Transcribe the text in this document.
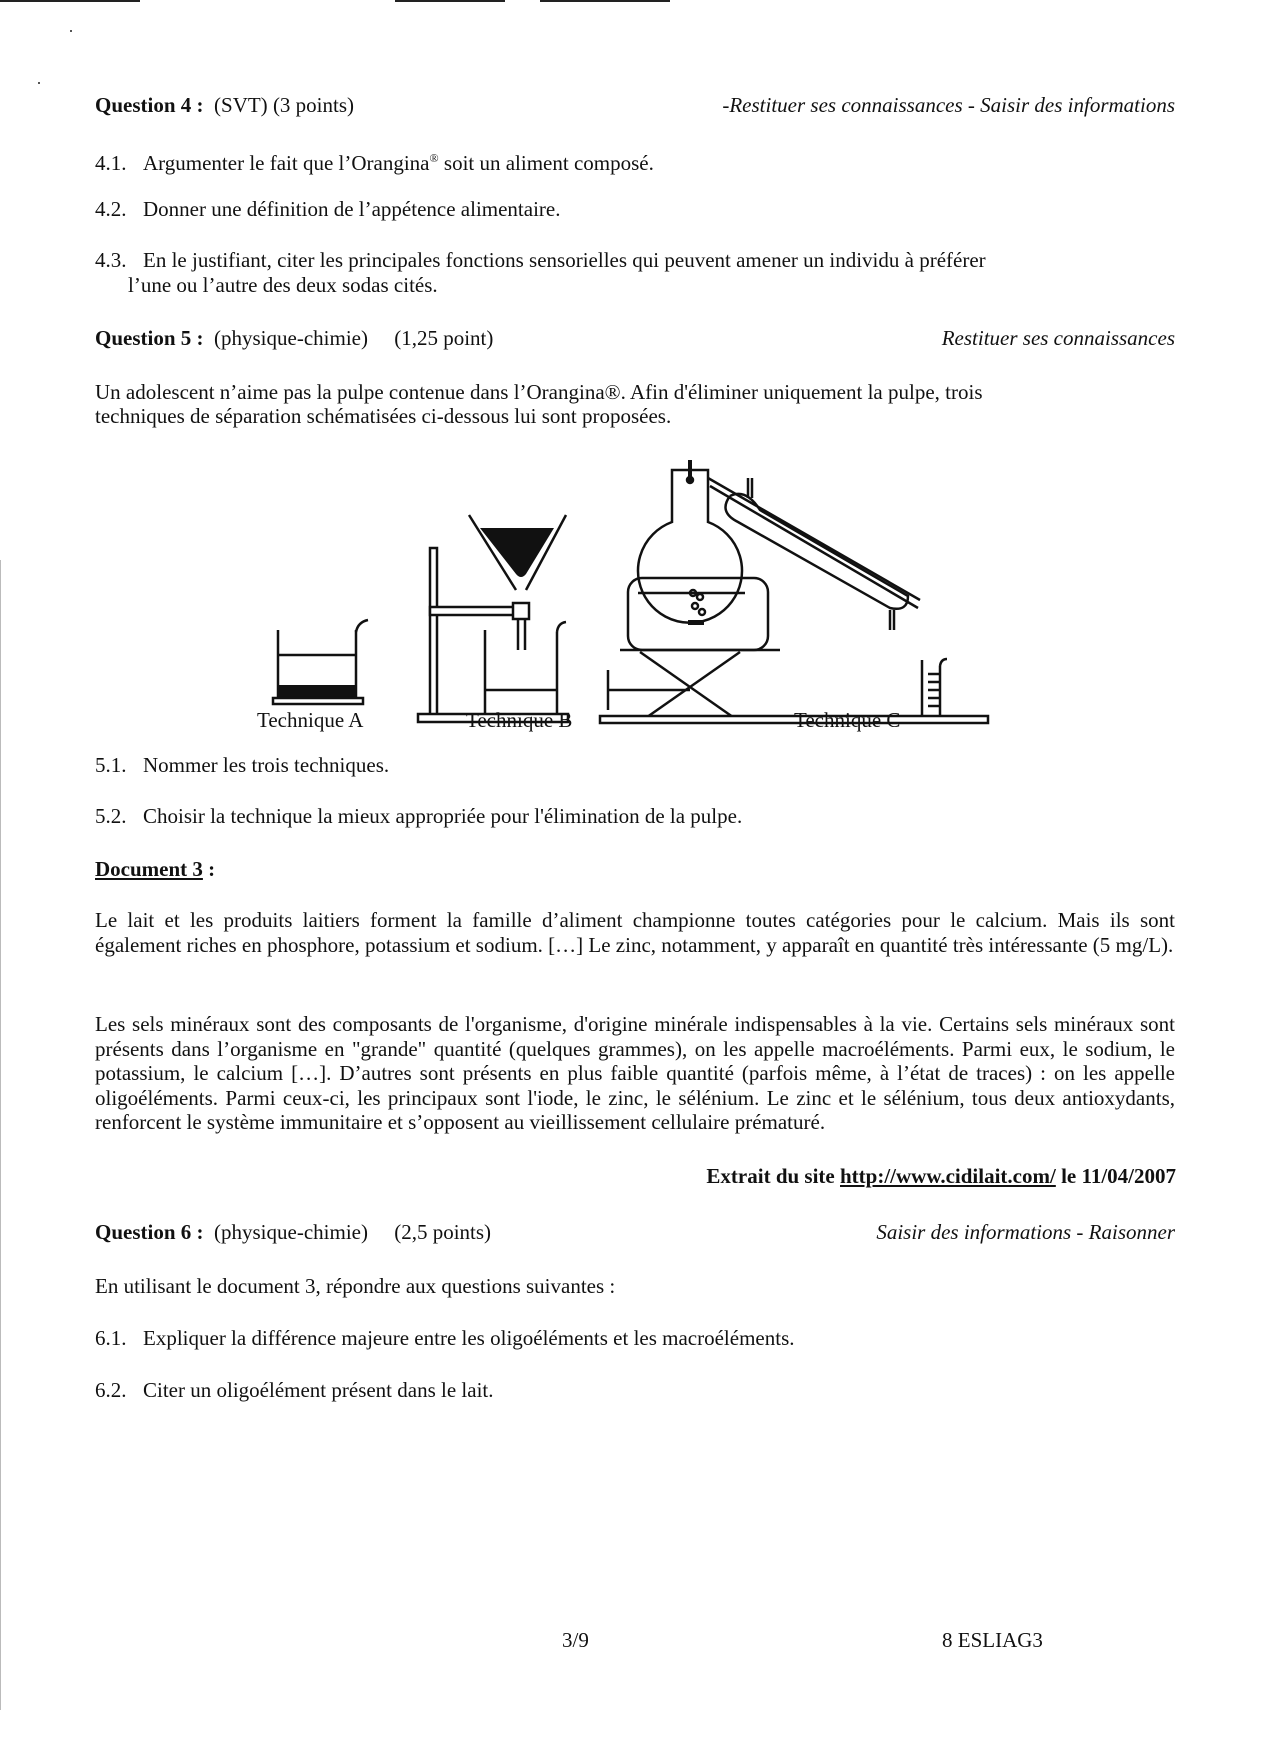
Question 4 : (SVT) (3 points)	-Restituer ses connaissances - Saisir des informations
4.1. Argumenter le fait que l’Orangina® soit un aliment composé.
4.2. Donner une définition de l’appétence alimentaire.
4.3. En le justifiant, citer les principales fonctions sensorielles qui peuvent amener un individu à préférer
l’une ou l’autre des deux sodas cités.
Question 5 : (physique-chimie) (1,25 point)	Restituer ses connaissances
Un adolescent n’aime pas la pulpe contenue dans l’Orangina®. Afin d'éliminer uniquement la pulpe, trois
techniques de séparation schématisées ci-dessous lui sont proposées.
Technique A	Technique B	Technique C
5.1. Nommer les trois techniques.
5.2. Choisir la technique la mieux appropriée pour l'élimination de la pulpe.
Document 3 :
Le lait et les produits laitiers forment la famille d’aliment championne toutes catégories pour le calcium. Mais ils sont également riches en phosphore, potassium et sodium. […] Le zinc, notamment, y apparaît en quantité très intéressante (5 mg/L).
Les sels minéraux sont des composants de l'organisme, d'origine minérale indispensables à la vie. Certains sels minéraux sont présents dans l’organisme en "grande" quantité (quelques grammes), on les appelle macroéléments. Parmi eux, le sodium, le potassium, le calcium […]. D’autres sont présents en plus faible quantité (parfois même, à l’état de traces) : on les appelle oligoéléments. Parmi ceux-ci, les principaux sont l'iode, le zinc, le sélénium. Le zinc et le sélénium, tous deux antioxydants, renforcent le système immunitaire et s’opposent au vieillissement cellulaire prématuré.
Extrait du site http://www.cidilait.com/ le 11/04/2007
Question 6 : (physique-chimie) (2,5 points)	Saisir des informations - Raisonner
En utilisant le document 3, répondre aux questions suivantes :
6.1. Expliquer la différence majeure entre les oligoéléments et les macroéléments.
6.2. Citer un oligoélément présent dans le lait.
3/9	8 ESLIAG3
